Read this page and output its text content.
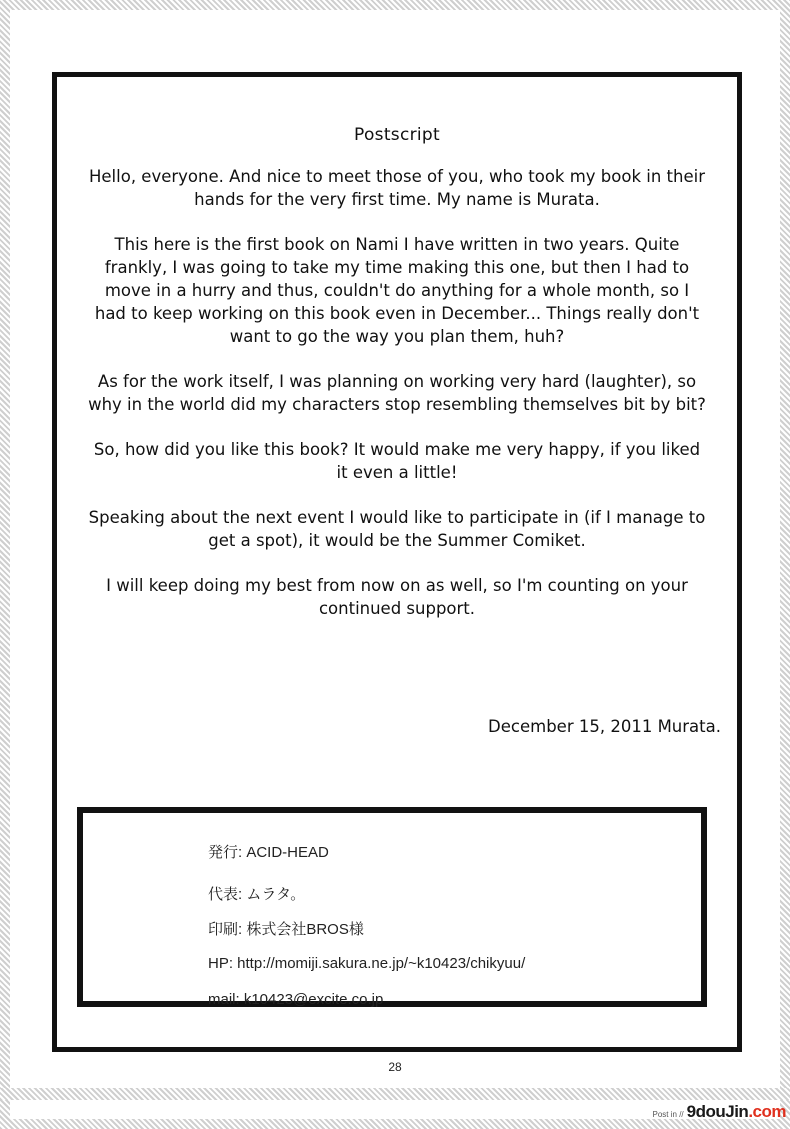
Postscript

Hello, everyone. And nice to meet those of you, who took my book in their hands for the very first time. My name is Murata.

This here is the first book on Nami I have written in two years. Quite frankly, I was going to take my time making this one, but then I had to move in a hurry and thus, couldn't do anything for a whole month, so I had to keep working on this book even in December... Things really don't want to go the way you plan them, huh?

As for the work itself, I was planning on working very hard (laughter), so why in the world did my characters stop resembling themselves bit by bit?

So, how did you like this book? It would make me very happy, if you liked it even a little!

Speaking about the next event I would like to participate in (if I manage to get a spot), it would be the Summer Comiket.

I will keep doing my best from now on as well, so I'm counting on your continued support.

December 15, 2011 Murata.
発行: ACID-HEAD
代表: ムラタ。
印刷: 株式会社BROS様
HP: http://momiji.sakura.ne.jp/~k10423/chikyuu/
mail: k10423@excite.co.jp
28
Post in // 9douJin.com
